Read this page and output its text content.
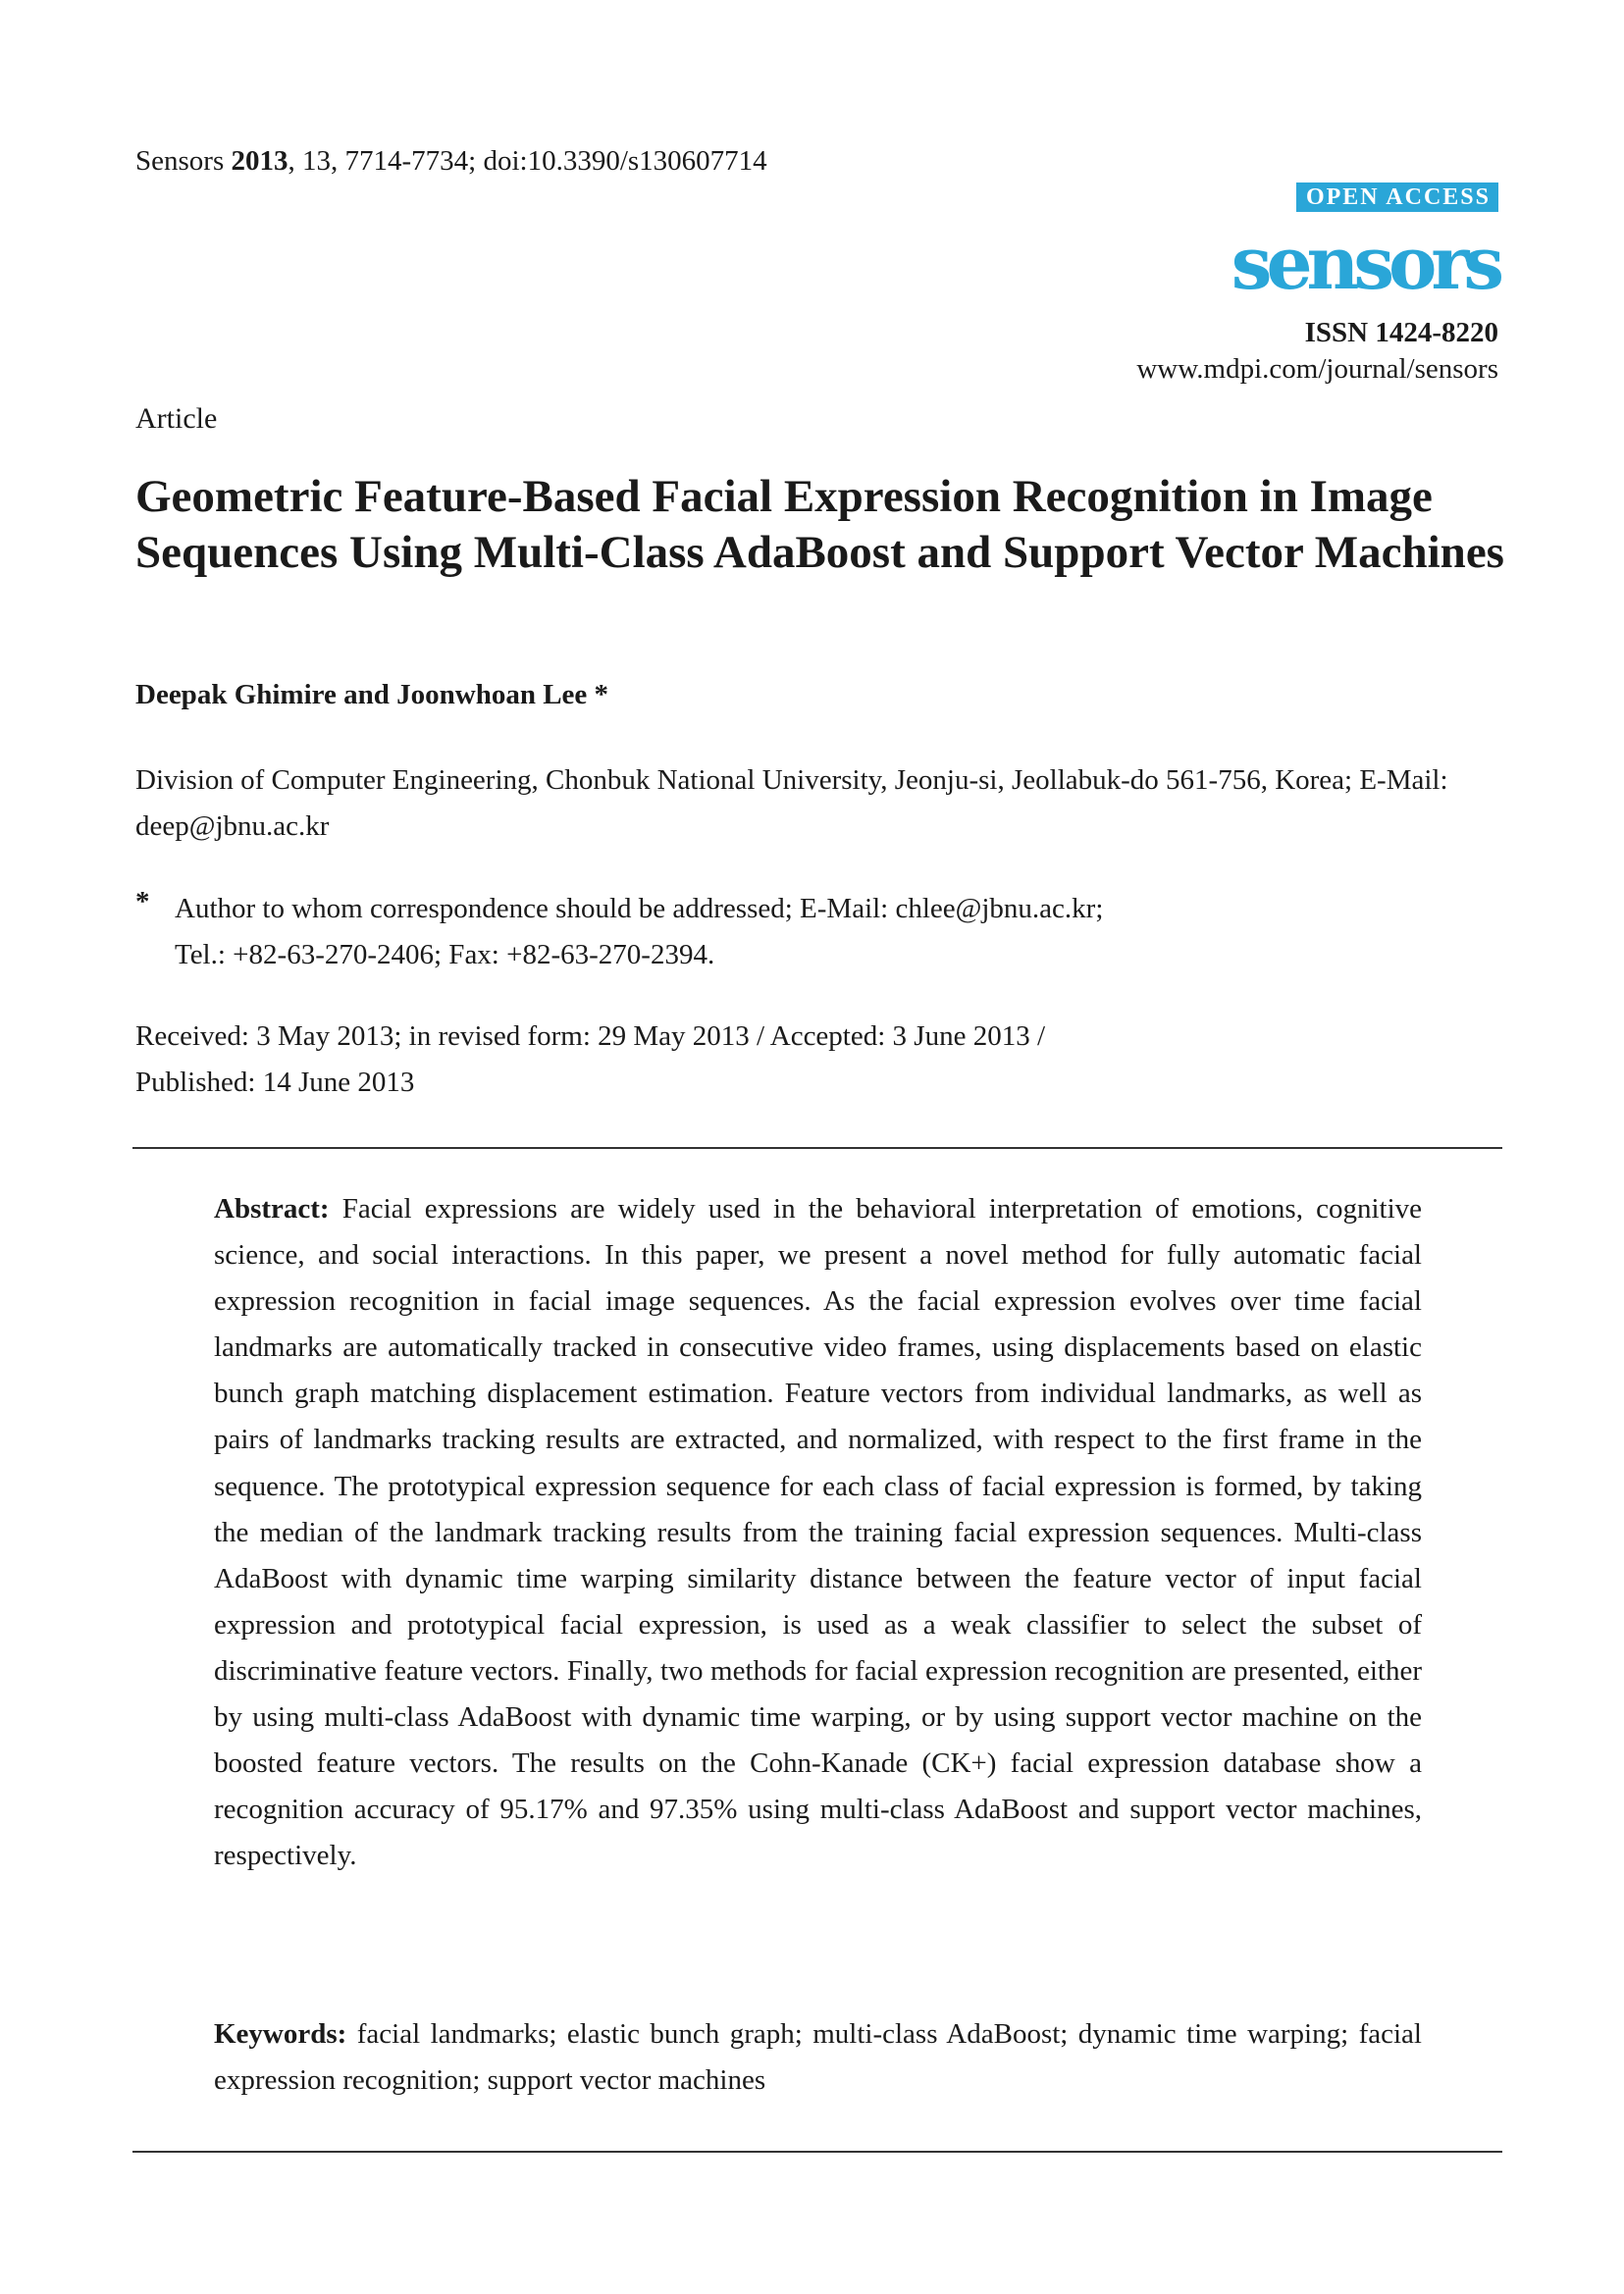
Sensors 2013, 13, 7714-7734; doi:10.3390/s130607714
OPEN ACCESS
sensors
ISSN 1424-8220
www.mdpi.com/journal/sensors
Article
Geometric Feature-Based Facial Expression Recognition in Image Sequences Using Multi-Class AdaBoost and Support Vector Machines
Deepak Ghimire and Joonwhoan Lee *
Division of Computer Engineering, Chonbuk National University, Jeonju-si, Jeollabuk-do 561-756, Korea; E-Mail: deep@jbnu.ac.kr
* Author to whom correspondence should be addressed; E-Mail: chlee@jbnu.ac.kr;
Tel.: +82-63-270-2406; Fax: +82-63-270-2394.
Received: 3 May 2013; in revised form: 29 May 2013 / Accepted: 3 June 2013 /
Published: 14 June 2013

Abstract: Facial expressions are widely used in the behavioral interpretation of emotions, cognitive science, and social interactions. In this paper, we present a novel method for fully automatic facial expression recognition in facial image sequences. As the facial expression evolves over time facial landmarks are automatically tracked in consecutive video frames, using displacements based on elastic bunch graph matching displacement estimation. Feature vectors from individual landmarks, as well as pairs of landmarks tracking results are extracted, and normalized, with respect to the first frame in the sequence. The prototypical expression sequence for each class of facial expression is formed, by taking the median of the landmark tracking results from the training facial expression sequences. Multi-class AdaBoost with dynamic time warping similarity distance between the feature vector of input facial expression and prototypical facial expression, is used as a weak classifier to select the subset of discriminative feature vectors. Finally, two methods for facial expression recognition are presented, either by using multi-class AdaBoost with dynamic time warping, or by using support vector machine on the boosted feature vectors. The results on the Cohn-Kanade (CK+) facial expression database show a recognition accuracy of 95.17% and 97.35% using multi-class AdaBoost and support vector machines, respectively.

Keywords: facial landmarks; elastic bunch graph; multi-class AdaBoost; dynamic time warping; facial expression recognition; support vector machines
